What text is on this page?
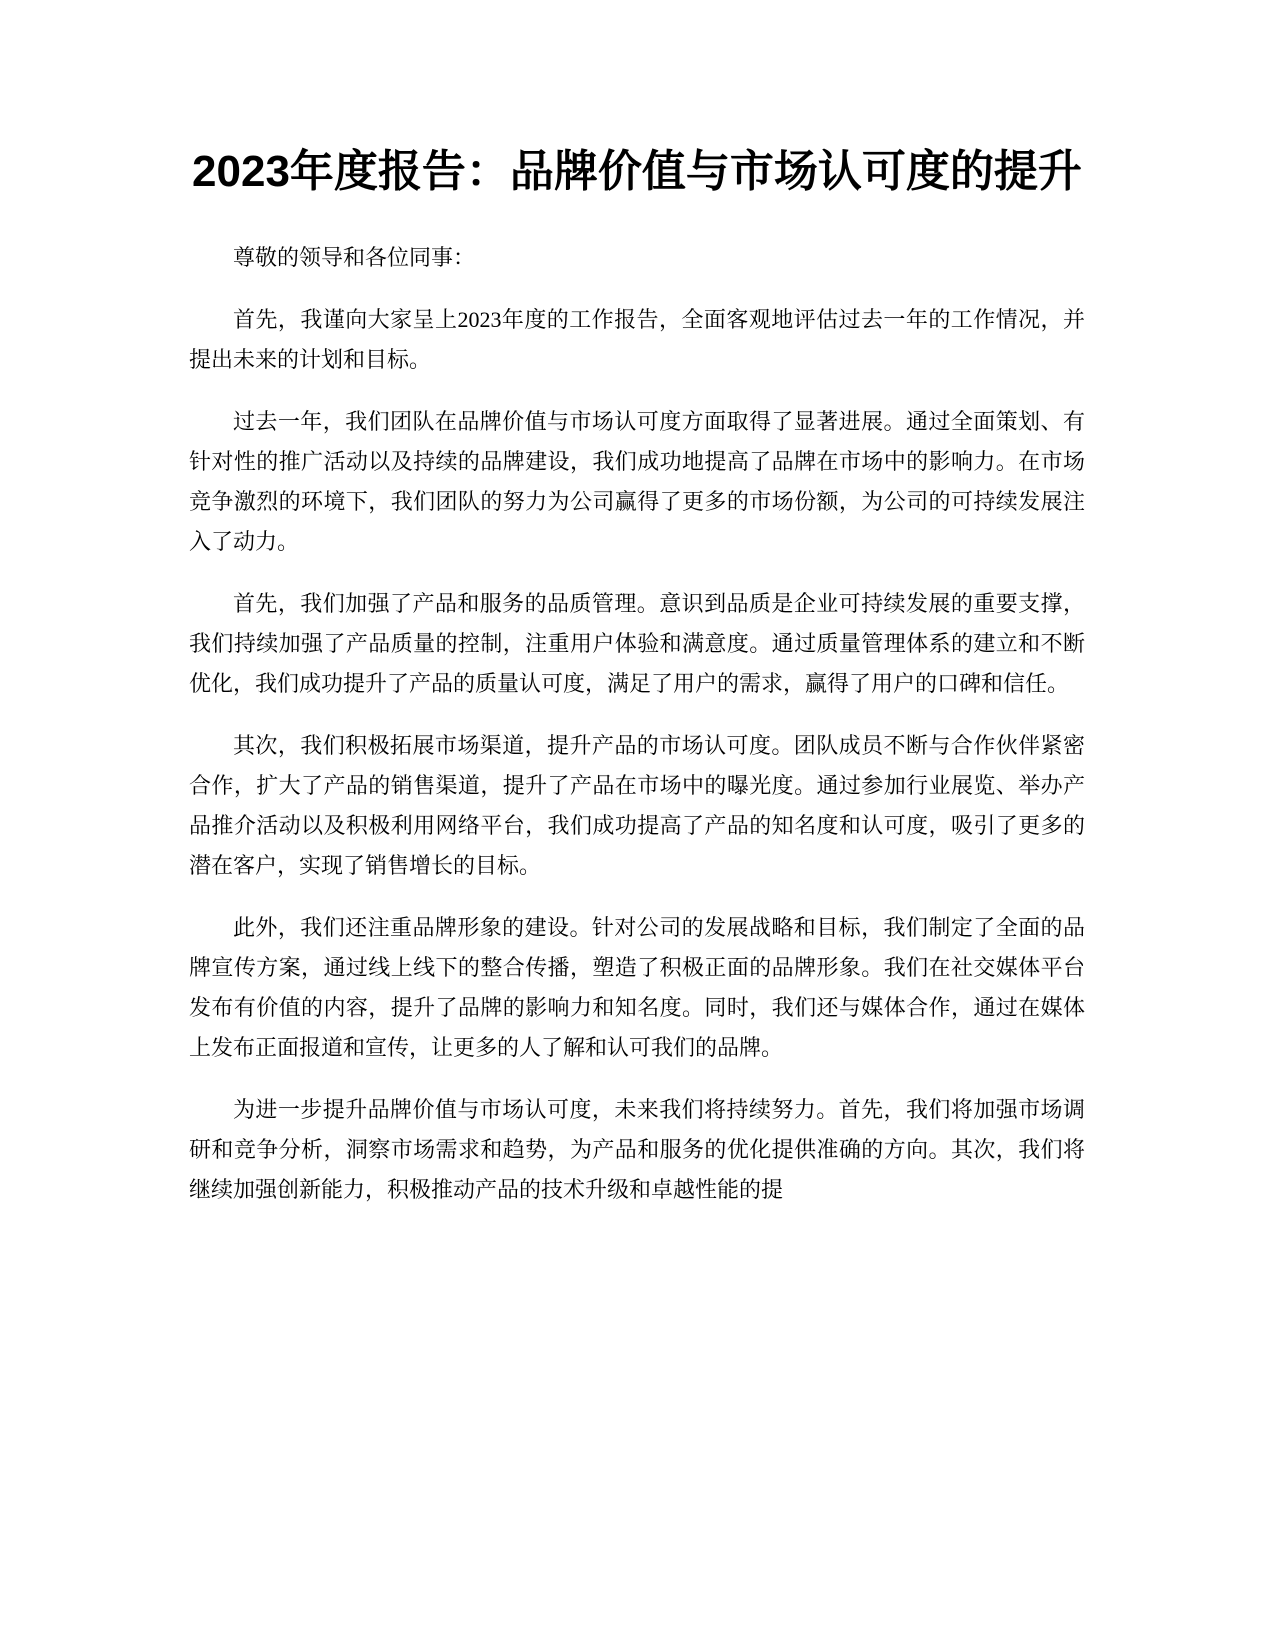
2023年度报告：品牌价值与市场认可度的提升

尊敬的领导和各位同事：

首先，我谨向大家呈上2023年度的工作报告，全面客观地评估过去一年的工作情况，并提出未来的计划和目标。

过去一年，我们团队在品牌价值与市场认可度方面取得了显著进展。通过全面策划、有针对性的推广活动以及持续的品牌建设，我们成功地提高了品牌在市场中的影响力。在市场竞争激烈的环境下，我们团队的努力为公司赢得了更多的市场份额，为公司的可持续发展注入了动力。

首先，我们加强了产品和服务的品质管理。意识到品质是企业可持续发展的重要支撑，我们持续加强了产品质量的控制，注重用户体验和满意度。通过质量管理体系的建立和不断优化，我们成功提升了产品的质量认可度，满足了用户的需求，赢得了用户的口碑和信任。

其次，我们积极拓展市场渠道，提升产品的市场认可度。团队成员不断与合作伙伴紧密合作，扩大了产品的销售渠道，提升了产品在市场中的曝光度。通过参加行业展览、举办产品推介活动以及积极利用网络平台，我们成功提高了产品的知名度和认可度，吸引了更多的潜在客户，实现了销售增长的目标。

此外，我们还注重品牌形象的建设。针对公司的发展战略和目标，我们制定了全面的品牌宣传方案，通过线上线下的整合传播，塑造了积极正面的品牌形象。我们在社交媒体平台发布有价值的内容，提升了品牌的影响力和知名度。同时，我们还与媒体合作，通过在媒体上发布正面报道和宣传，让更多的人了解和认可我们的品牌。

为进一步提升品牌价值与市场认可度，未来我们将持续努力。首先，我们将加强市场调研和竞争分析，洞察市场需求和趋势，为产品和服务的优化提供准确的方向。其次，我们将继续加强创新能力，积极推动产品的技术升级和卓越性能的提
